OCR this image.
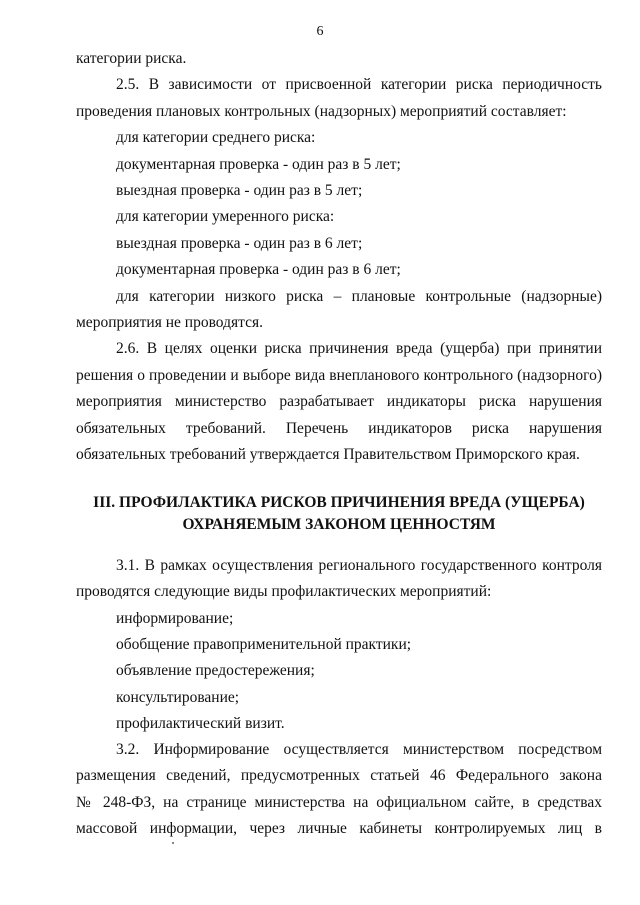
6
категории риска.
2.5. В зависимости от присвоенной категории риска периодичность
проведения плановых контрольных (надзорных) мероприятий составляет:
для категории среднего риска:
документарная проверка - один раз в 5 лет;
выездная проверка - один раз в 5 лет;
для категории умеренного риска:
выездная проверка - один раз в 6 лет;
документарная проверка - один раз в 6 лет;
для категории низкого риска – плановые контрольные (надзорные)
мероприятия не проводятся.
2.6. В целях оценки риска причинения вреда (ущерба) при принятии
решения о проведении и выборе вида внепланового контрольного (надзорного)
мероприятия министерство разрабатывает индикаторы риска нарушения
обязательных требований. Перечень индикаторов риска нарушения
обязательных требований утверждается Правительством Приморского края.
III. ПРОФИЛАКТИКА РИСКОВ ПРИЧИНЕНИЯ ВРЕДА (УЩЕРБА)
ОХРАНЯЕМЫМ ЗАКОНОМ ЦЕННОСТЯМ
3.1. В рамках осуществления регионального государственного контроля
проводятся следующие виды профилактических мероприятий:
информирование;
обобщение правоприменительной практики;
объявление предостережения;
консультирование;
профилактический визит.
3.2. Информирование осуществляется министерством посредством
размещения сведений, предусмотренных статьей 46 Федерального закона
№ 248-ФЗ, на странице министерства на официальном сайте, в средствах
массовой информации, через личные кабинеты контролируемых лиц в
